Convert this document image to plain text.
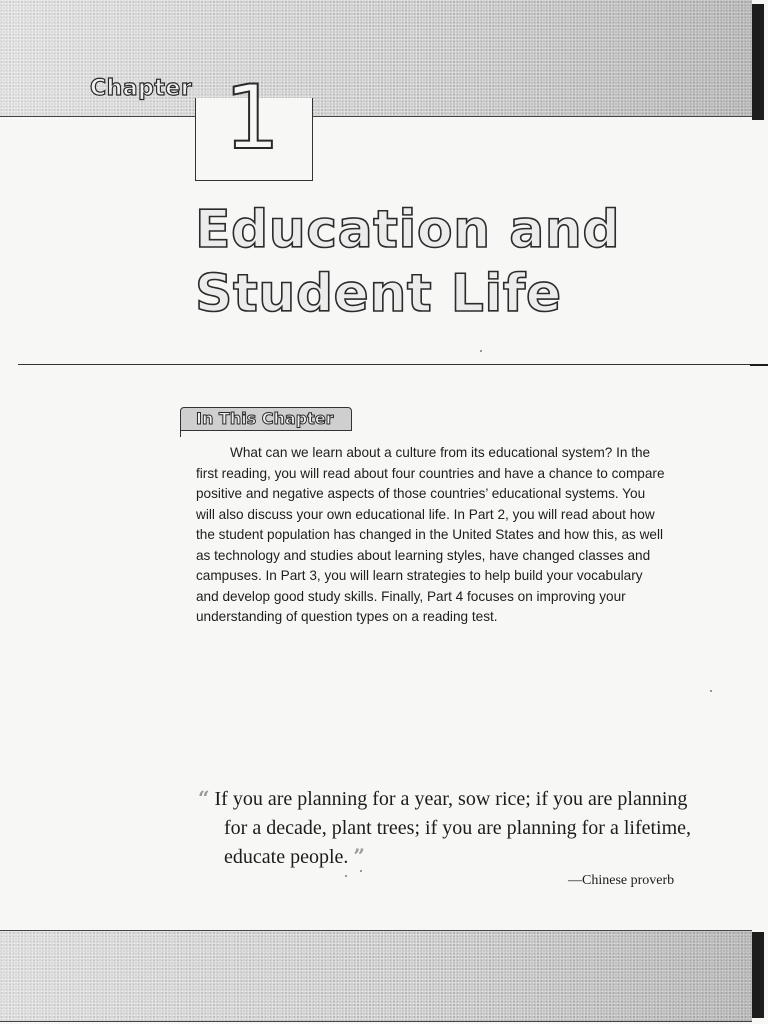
Chapter 1
Education and
Student Life
In This Chapter

What can we learn about a culture from its educational system? In the first reading, you will read about four countries and have a chance to compare positive and negative aspects of those countries’ educational systems. You will also discuss your own educational life. In Part 2, you will read about how the student population has changed in the United States and how this, as well as technology and studies about learning styles, have changed classes and campuses. In Part 3, you will learn strategies to help build your vocabulary and develop good study skills. Finally, Part 4 focuses on improving your understanding of question types on a reading test.

“ If you are planning for a year, sow rice; if you are planning for a decade, plant trees; if you are planning for a lifetime, educate people. ”

—Chinese proverb
